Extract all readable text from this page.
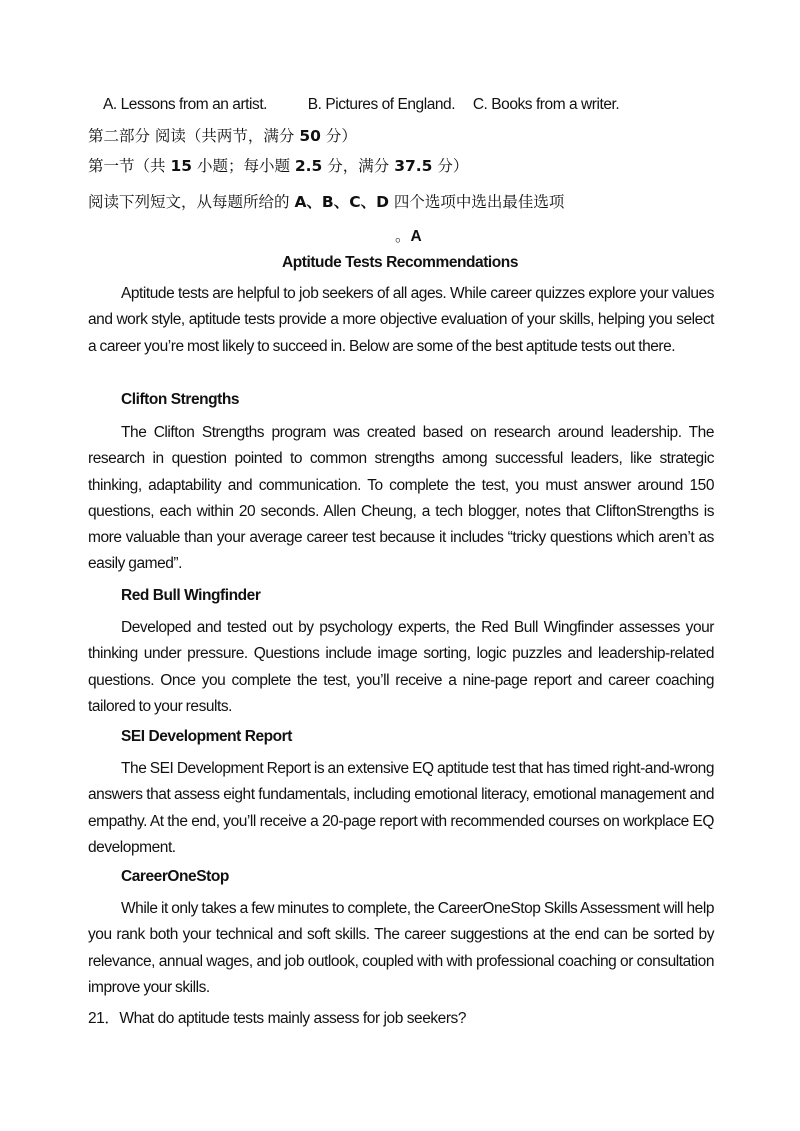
A. Lessons from an artist.	B. Pictures of England. C. Books from a writer.
第二部分 阅读（共两节，满分 50 分）
第一节（共 15 小题；每小题 2.5 分，满分 37.5 分）
阅读下列短文，从每题所给的 A、B、C、D 四个选项中选出最佳选项
。A
Aptitude Tests Recommendations
Aptitude tests are helpful to job seekers of all ages. While career quizzes explore your values and work style, aptitude tests provide a more objective evaluation of your skills, helping you select a career you’re most likely to succeed in. Below are some of the best aptitude tests out there.
Clifton Strengths
The Clifton Strengths program was created based on research around leadership. The research in question pointed to common strengths among successful leaders, like strategic thinking, adaptability and communication. To complete the test, you must answer around 150 questions, each within 20 seconds. Allen Cheung, a tech blogger, notes that CliftonStrengths is more valuable than your average career test because it includes “tricky questions which aren’t as easily gamed”.
Red Bull Wingfinder
Developed and tested out by psychology experts, the Red Bull Wingfinder assesses your thinking under pressure. Questions include image sorting, logic puzzles and leadership-related questions. Once you complete the test, you’ll receive a nine-page report and career coaching tailored to your results.
SEI Development Report
The SEI Development Report is an extensive EQ aptitude test that has timed right-and-wrong answers that assess eight fundamentals, including emotional literacy, emotional management and empathy. At the end, you’ll receive a 20-page report with recommended courses on workplace EQ development.
CareerOneStop
While it only takes a few minutes to complete, the CareerOneStop Skills Assessment will help you rank both your technical and soft skills. The career suggestions at the end can be sorted by relevance, annual wages, and job outlook, coupled with with professional coaching or consultation improve your skills.
21．What do aptitude tests mainly assess for job seekers?
